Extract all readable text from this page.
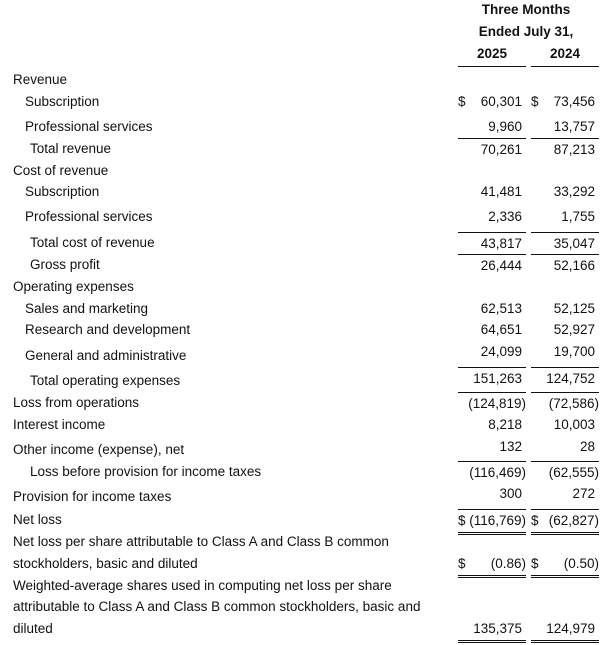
Three Months
Ended July 31,
2025	2024
Revenue
Subscription	$ 60,301 $ 73,456
Professional services	9,960 13,757
Total revenue	70,261 87,213
Cost of revenue
Subscription	41,481 33,292
Professional services	2,336	1,755
Total cost of revenue	43,817 35,047
Gross profit	26,444 52,166
Operating expenses
Sales and marketing	62,513 52,125
Research and development	64,651 52,927
General and administrative	24,099 19,700
Total operating expenses	151,263 124,752
Loss from operations	(124,819) (72,586)
Interest income	8,218 10,003
Other income (expense), net	132	28
Loss before provision for income taxes	(116,469) (62,555)
Provision for income taxes	300	272
Net loss	$ (116,769) $ (62,827)
Net loss per share attributable to Class A and Class B common
stockholders, basic and diluted	$ (0.86) $ (0.50)
Weighted-average shares used in computing net loss per share
attributable to Class A and Class B common stockholders, basic and
diluted	135,375 124,979
